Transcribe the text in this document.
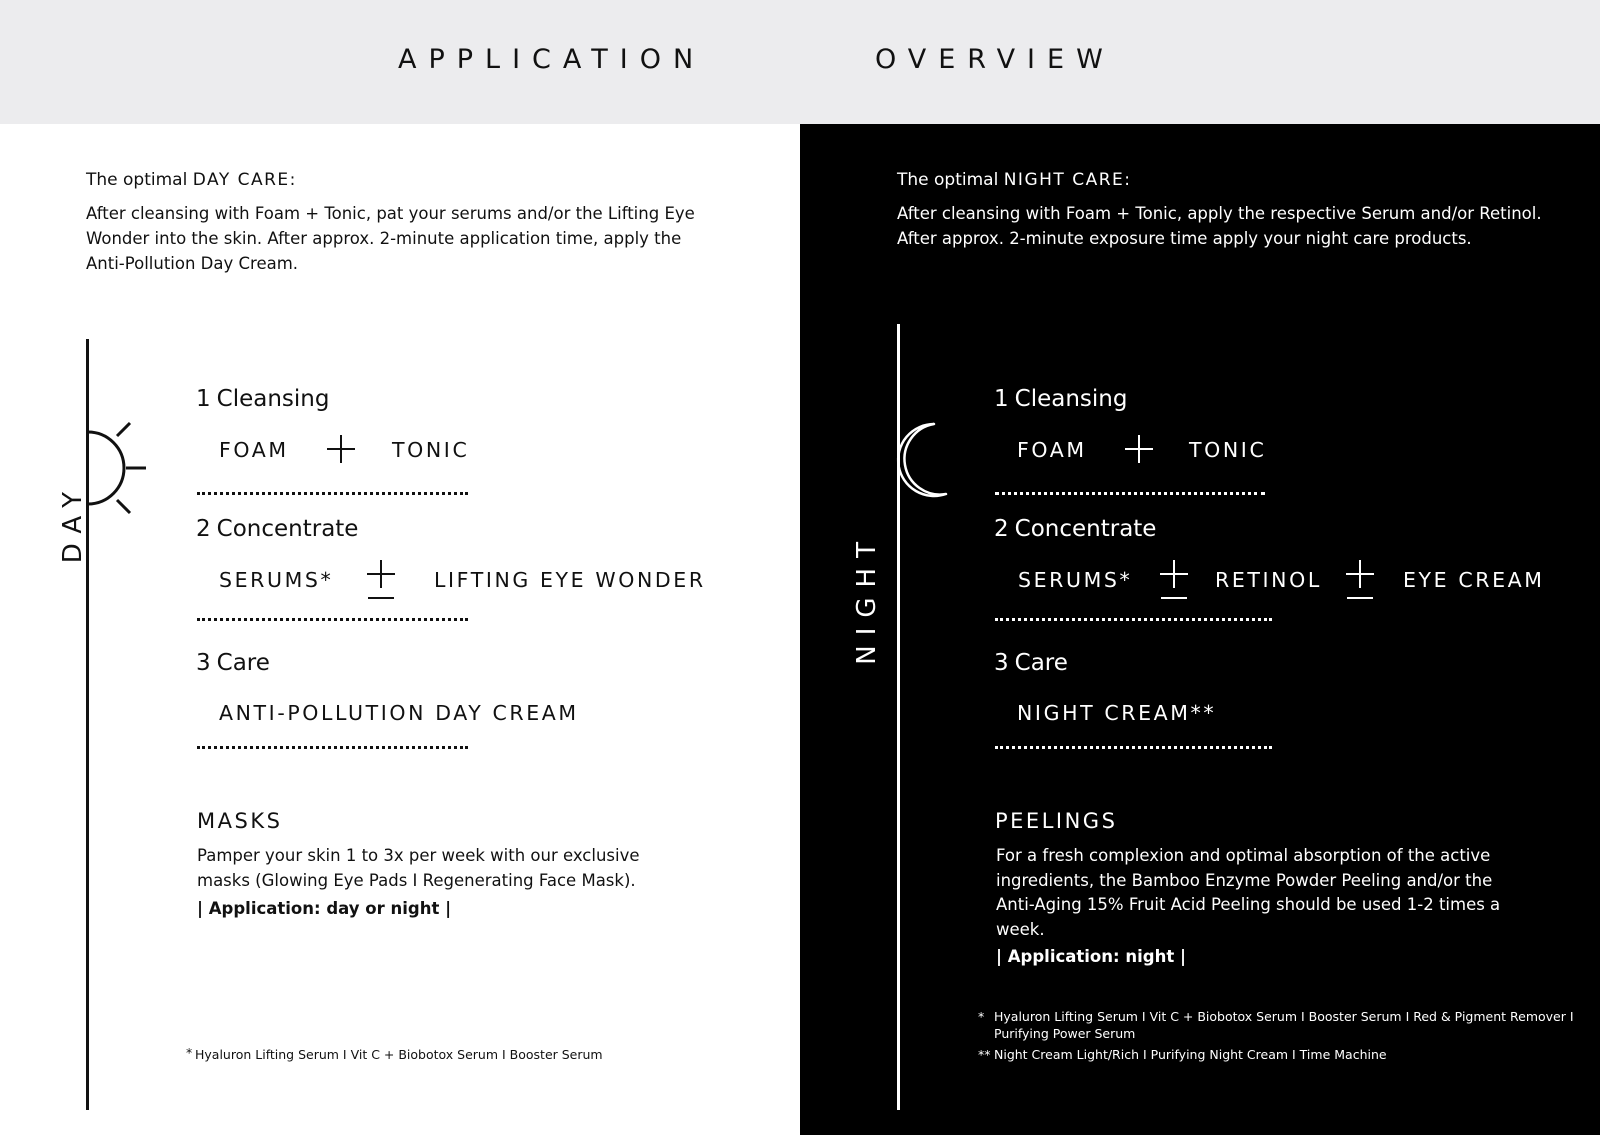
APPLICATION	OVERVIEW
The optimal DAY CARE:
After cleansing with Foam + Tonic, pat your serums and/or the Lifting Eye
Wonder into the skin. After approx. 2-minute application time, apply the
Anti-Pollution Day Cream.
DAY
1 Cleansing
FOAM	TONIC
2 Concentrate
SERUMS*	LIFTING EYE WONDER
3 Care
ANTI-POLLUTION DAY CREAM
MASKS
Pamper your skin 1 to 3x per week with our exclusive
masks (Glowing Eye Pads I Regenerating Face Mask).
| Application: day or night |
* Hyaluron Lifting Serum I Vit C + Biobotox Serum I Booster Serum
The optimal NIGHT CARE:
After cleansing with Foam + Tonic, apply the respective Serum and/or Retinol.
After approx. 2-minute exposure time apply your night care products.
NIGHT
1 Cleansing
FOAM	TONIC
2 Concentrate
SERUMS*	RETINOL	EYE CREAM
3 Care
NIGHT CREAM**
PEELINGS
For a fresh complexion and optimal absorption of the active
ingredients, the Bamboo Enzyme Powder Peeling and/or the
Anti-Aging 15% Fruit Acid Peeling should be used 1-2 times a
week.
| Application: night |
* Hyaluron Lifting Serum I Vit C + Biobotox Serum I Booster Serum I Red & Pigment Remover I
Purifying Power Serum
** Night Cream Light/Rich I Purifying Night Cream I Time Machine
